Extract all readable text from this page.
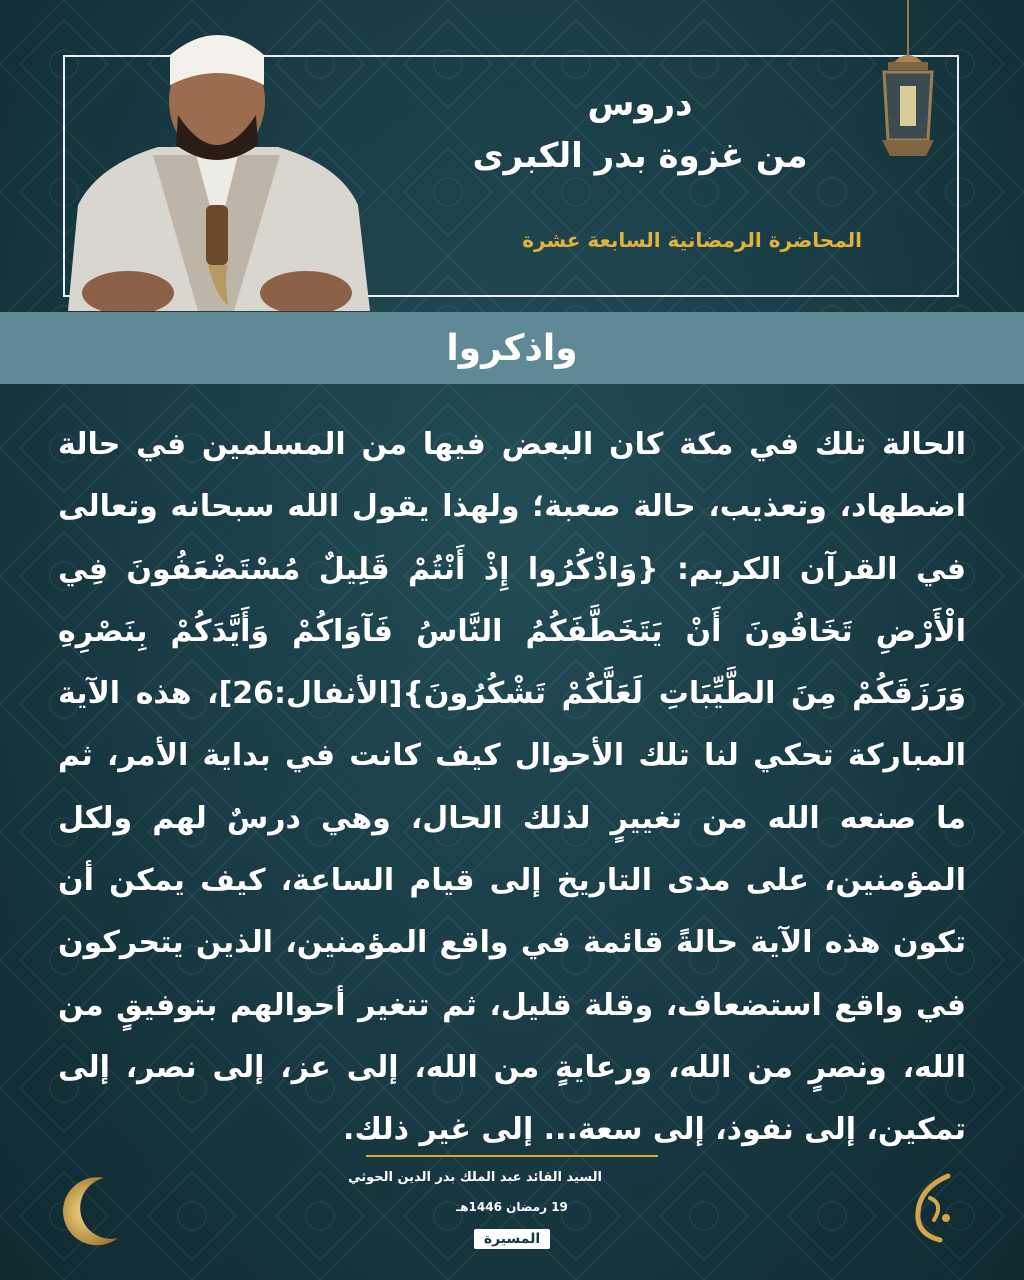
دروس
من غزوة بدر الكبرى
المحاضرة الرمضانية السابعة عشرة
واذكروا
الحالة تلك في مكة كان البعض فيها من المسلمين في حالة اضطهاد، وتعذيب، حالة صعبة؛ ولهذا يقول الله سبحانه وتعالى في القرآن الكريم: {وَاذْكُرُوا إِذْ أَنْتُمْ قَلِيلٌ مُسْتَضْعَفُونَ فِي الْأَرْضِ تَخَافُونَ أَنْ يَتَخَطَّفَكُمُ النَّاسُ فَآوَاكُمْ وَأَيَّدَكُمْ بِنَصْرِهِ وَرَزَقَكُمْ مِنَ الطَّيِّبَاتِ لَعَلَّكُمْ تَشْكُرُونَ}[الأنفال:26]، هذه الآية المباركة تحكي لنا تلك الأحوال كيف كانت في بداية الأمر، ثم ما صنعه الله من تغييرٍ لذلك الحال، وهي درسٌ لهم ولكل المؤمنين، على مدى التاريخ إلى قيام الساعة، كيف يمكن أن تكون هذه الآية حالةً قائمة في واقع المؤمنين، الذين يتحركون في واقع استضعاف، وقلة قليل، ثم تتغير أحوالهم بتوفيقٍ من الله، ونصرٍ من الله، ورعايةٍ من الله، إلى عز، إلى نصر، إلى تمكين، إلى نفوذ، إلى سعة... إلى غير ذلك.
السيد القائد عبد الملك بدر الدين الحوثي
19 رمضان 1446هـ
المسيرة
